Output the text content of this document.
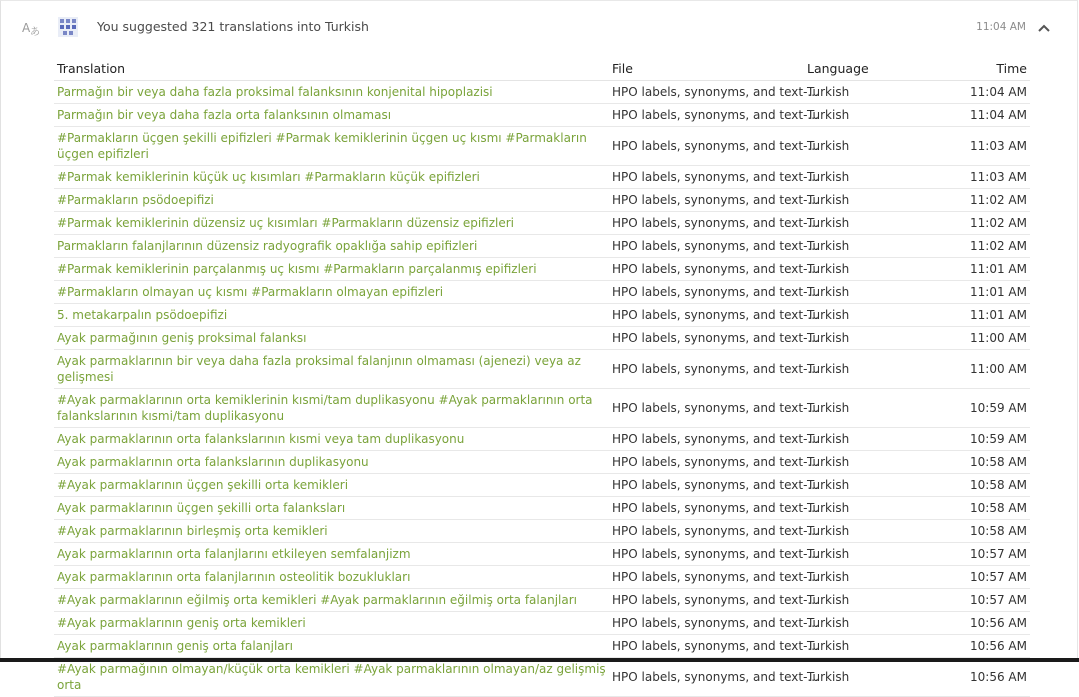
A あ	You suggested 321 translations into Turkish	11:04 AM
Translation	File	Language	Time
Parmağın bir veya daha fazla proksimal falanksının konjenital hipoplazisi	HPO labels, synonyms, and text-...	Turkish	11:04 AM
Parmağın bir veya daha fazla orta falanksının olmaması	HPO labels, synonyms, and text-...	Turkish	11:04 AM
#Parmakların üçgen şekilli epifizleri #Parmak kemiklerinin üçgen uç kısmı #Parmakların üçgen epifizleri	HPO labels, synonyms, and text-...	Turkish	11:03 AM
#Parmak kemiklerinin küçük uç kısımları #Parmakların küçük epifizleri	HPO labels, synonyms, and text-...	Turkish	11:03 AM
#Parmakların psödoepifizi	HPO labels, synonyms, and text-...	Turkish	11:02 AM
#Parmak kemiklerinin düzensiz uç kısımları #Parmakların düzensiz epifizleri	HPO labels, synonyms, and text-...	Turkish	11:02 AM
Parmakların falanjlarının düzensiz radyografik opaklığa sahip epifizleri	HPO labels, synonyms, and text-...	Turkish	11:02 AM
#Parmak kemiklerinin parçalanmış uç kısmı #Parmakların parçalanmış epifizleri	HPO labels, synonyms, and text-...	Turkish	11:01 AM
#Parmakların olmayan uç kısmı #Parmakların olmayan epifizleri	HPO labels, synonyms, and text-...	Turkish	11:01 AM
5. metakarpalın psödoepifizi	HPO labels, synonyms, and text-...	Turkish	11:01 AM
Ayak parmağının geniş proksimal falanksı	HPO labels, synonyms, and text-...	Turkish	11:00 AM
Ayak parmaklarının bir veya daha fazla proksimal falanjının olmaması (ajenezi) veya az gelişmesi	HPO labels, synonyms, and text-...	Turkish	11:00 AM
#Ayak parmaklarının orta kemiklerinin kısmi/tam duplikasyonu #Ayak parmaklarının orta falankslarının kısmi/tam duplikasyonu	HPO labels, synonyms, and text-...	Turkish	10:59 AM
Ayak parmaklarının orta falankslarının kısmi veya tam duplikasyonu	HPO labels, synonyms, and text-...	Turkish	10:59 AM
Ayak parmaklarının orta falankslarının duplikasyonu	HPO labels, synonyms, and text-...	Turkish	10:58 AM
#Ayak parmaklarının üçgen şekilli orta kemikleri	HPO labels, synonyms, and text-...	Turkish	10:58 AM
Ayak parmaklarının üçgen şekilli orta falanksları	HPO labels, synonyms, and text-...	Turkish	10:58 AM
#Ayak parmaklarının birleşmiş orta kemikleri	HPO labels, synonyms, and text-...	Turkish	10:58 AM
Ayak parmaklarının orta falanjlarını etkileyen semfalanjizm	HPO labels, synonyms, and text-...	Turkish	10:57 AM
Ayak parmaklarının orta falanjlarının osteolitik bozuklukları	HPO labels, synonyms, and text-...	Turkish	10:57 AM
#Ayak parmaklarının eğilmiş orta kemikleri #Ayak parmaklarının eğilmiş orta falanjları	HPO labels, synonyms, and text-...	Turkish	10:57 AM
#Ayak parmaklarının geniş orta kemikleri	HPO labels, synonyms, and text-...	Turkish	10:56 AM
Ayak parmaklarının geniş orta falanjları	HPO labels, synonyms, and text-...	Turkish	10:56 AM
#Ayak parmağının olmayan/küçük orta kemikleri #Ayak parmaklarının olmayan/az gelişmiş orta	HPO labels, synonyms, and text-...	Turkish	10:56 AM
